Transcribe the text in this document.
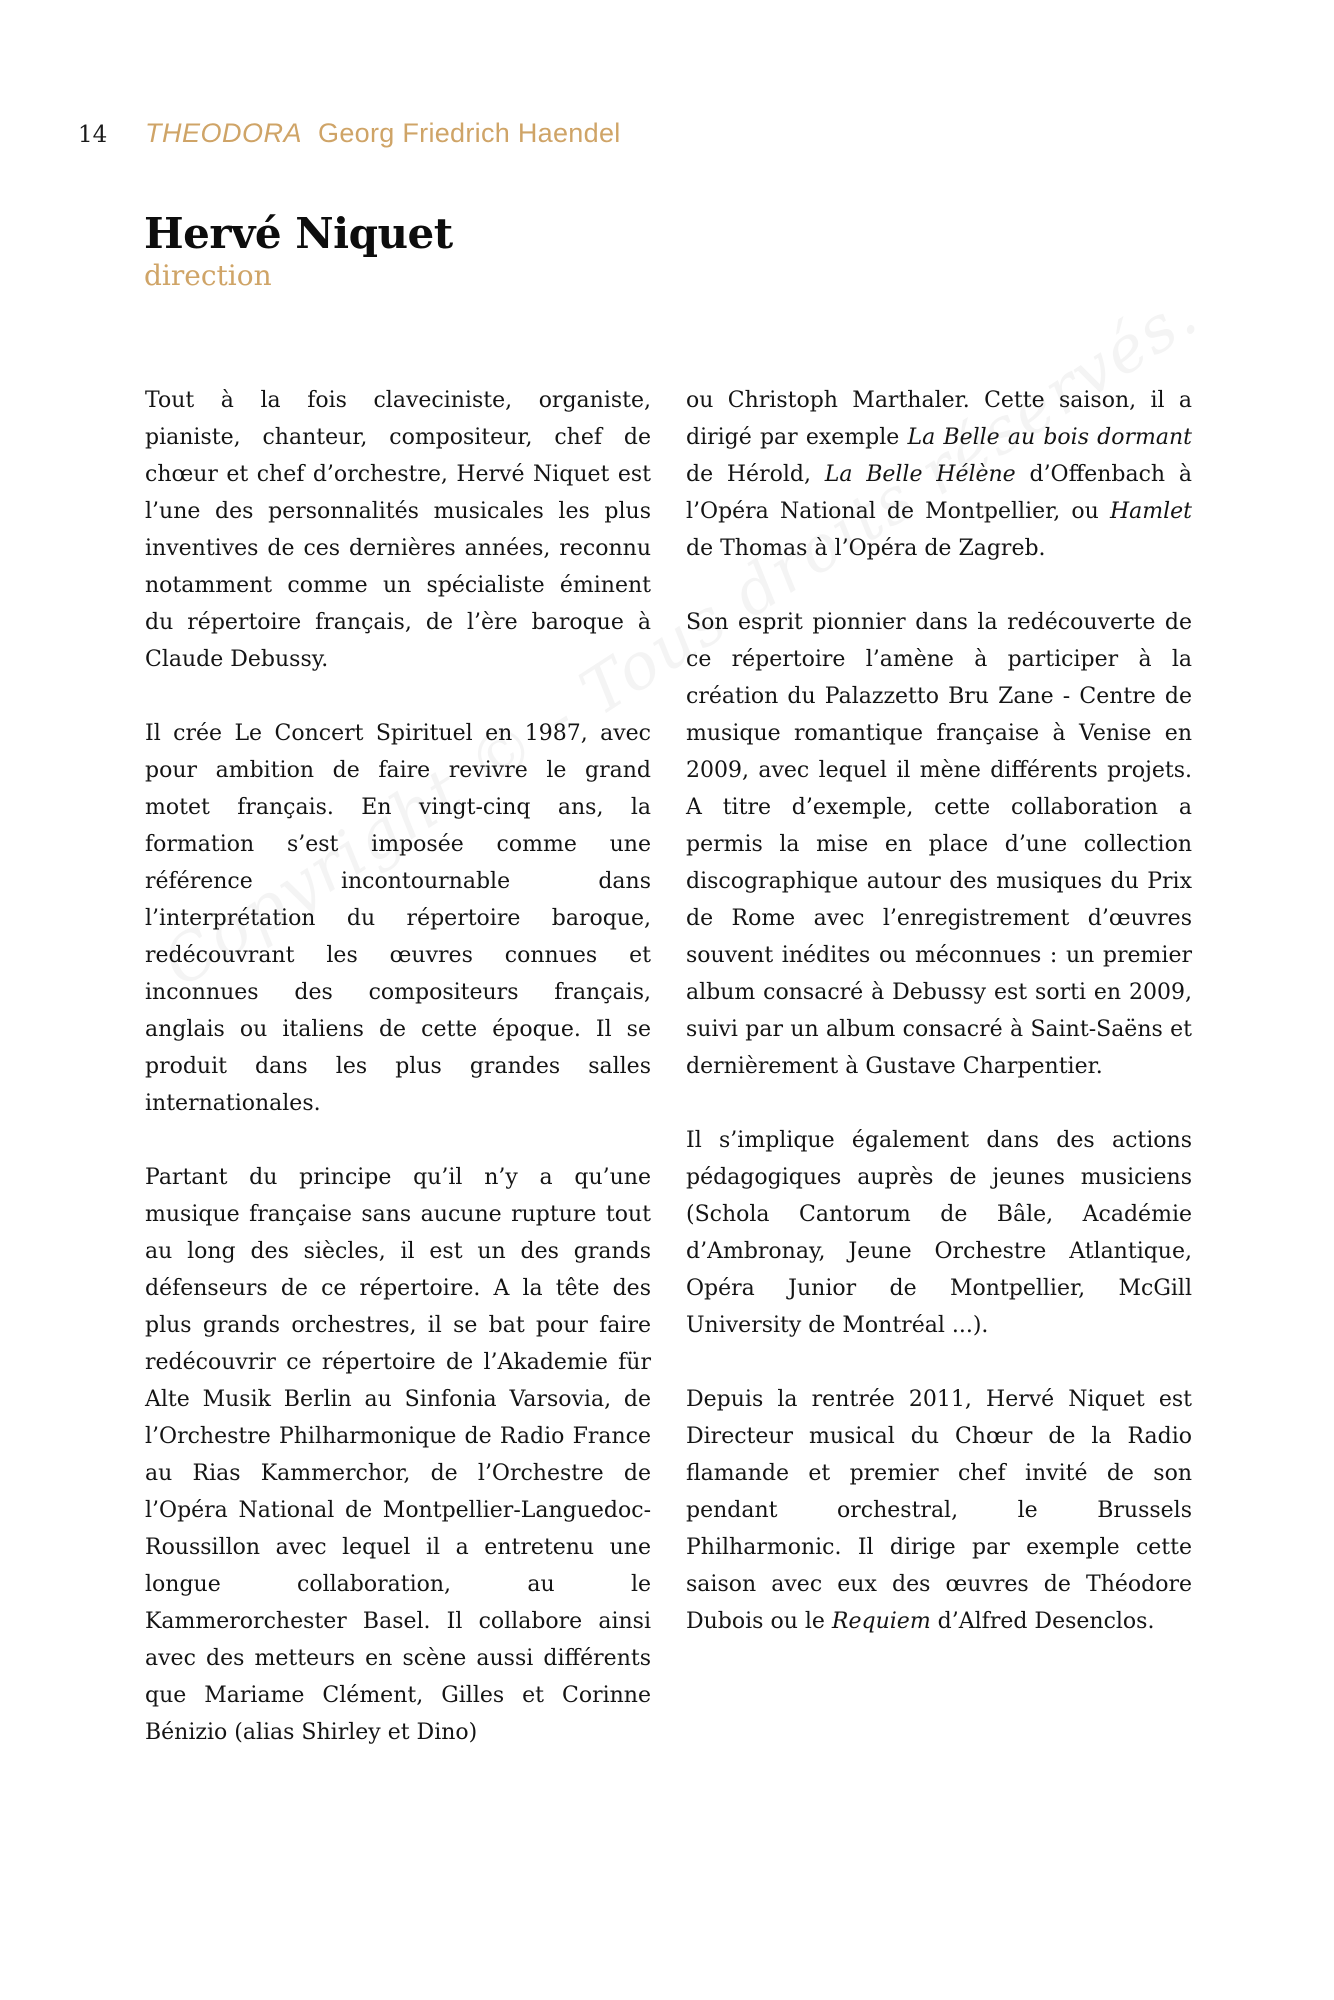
14	THEODORA Georg Friedrich Haendel
Hervé Niquet

direction

Tout à la fois claveciniste, organiste, pianiste, chanteur, compositeur, chef de chœur et chef d’orchestre, Hervé Niquet est l’une des personnalités musicales les plus inventives de ces dernières années, reconnu notamment comme un spécialiste éminent du répertoire français, de l’ère baroque à Claude Debussy.

Il crée Le Concert Spirituel en 1987, avec pour ambition de faire revivre le grand motet français. En vingt-cinq ans, la formation s’est imposée comme une référence incontournable dans l’interprétation du répertoire baroque, redécouvrant les œuvres connues et inconnues des compositeurs français, anglais ou italiens de cette époque. Il se produit dans les plus grandes salles internationales.

Partant du principe qu’il n’y a qu’une musique française sans aucune rupture tout au long des siècles, il est un des grands défenseurs de ce répertoire. A la tête des plus grands orchestres, il se bat pour faire redécouvrir ce répertoire de l’Akademie für Alte Musik Berlin au Sinfonia Varsovia, de l’Orchestre Philharmonique de Radio France au Rias Kammerchor, de l’Orchestre de l’Opéra National de Montpellier-Languedoc-Roussillon avec lequel il a entretenu une longue collaboration, au le Kammerorchester Basel. Il collabore ainsi avec des metteurs en scène aussi différents que Mariame Clément, Gilles et Corinne Bénizio (alias Shirley et Dino)

ou Christoph Marthaler. Cette saison, il a dirigé par exemple La Belle au bois dormant de Hérold, La Belle Hélène d’Offenbach à l’Opéra National de Montpellier, ou Hamlet de Thomas à l’Opéra de Zagreb.

Son esprit pionnier dans la redécouverte de ce répertoire l’amène à participer à la création du Palazzetto Bru Zane - Centre de musique romantique française à Venise en 2009, avec lequel il mène différents projets. A titre d’exemple, cette collaboration a permis la mise en place d’une collection discographique autour des musiques du Prix de Rome avec l’enregistrement d’œuvres souvent inédites ou méconnues : un premier album consacré à Debussy est sorti en 2009, suivi par un album consacré à Saint-Saëns et dernièrement à Gustave Charpentier.

Il s’implique également dans des actions pédagogiques auprès de jeunes musiciens (Schola Cantorum de Bâle, Académie d’Ambronay, Jeune Orchestre Atlantique, Opéra Junior de Montpellier, McGill University de Montréal ...).

Depuis la rentrée 2011, Hervé Niquet est Directeur musical du Chœur de la Radio flamande et premier chef invité de son pendant orchestral, le Brussels Philharmonic. Il dirige par exemple cette saison avec eux des œuvres de Théodore Dubois ou le Requiem d’Alfred Desenclos.
